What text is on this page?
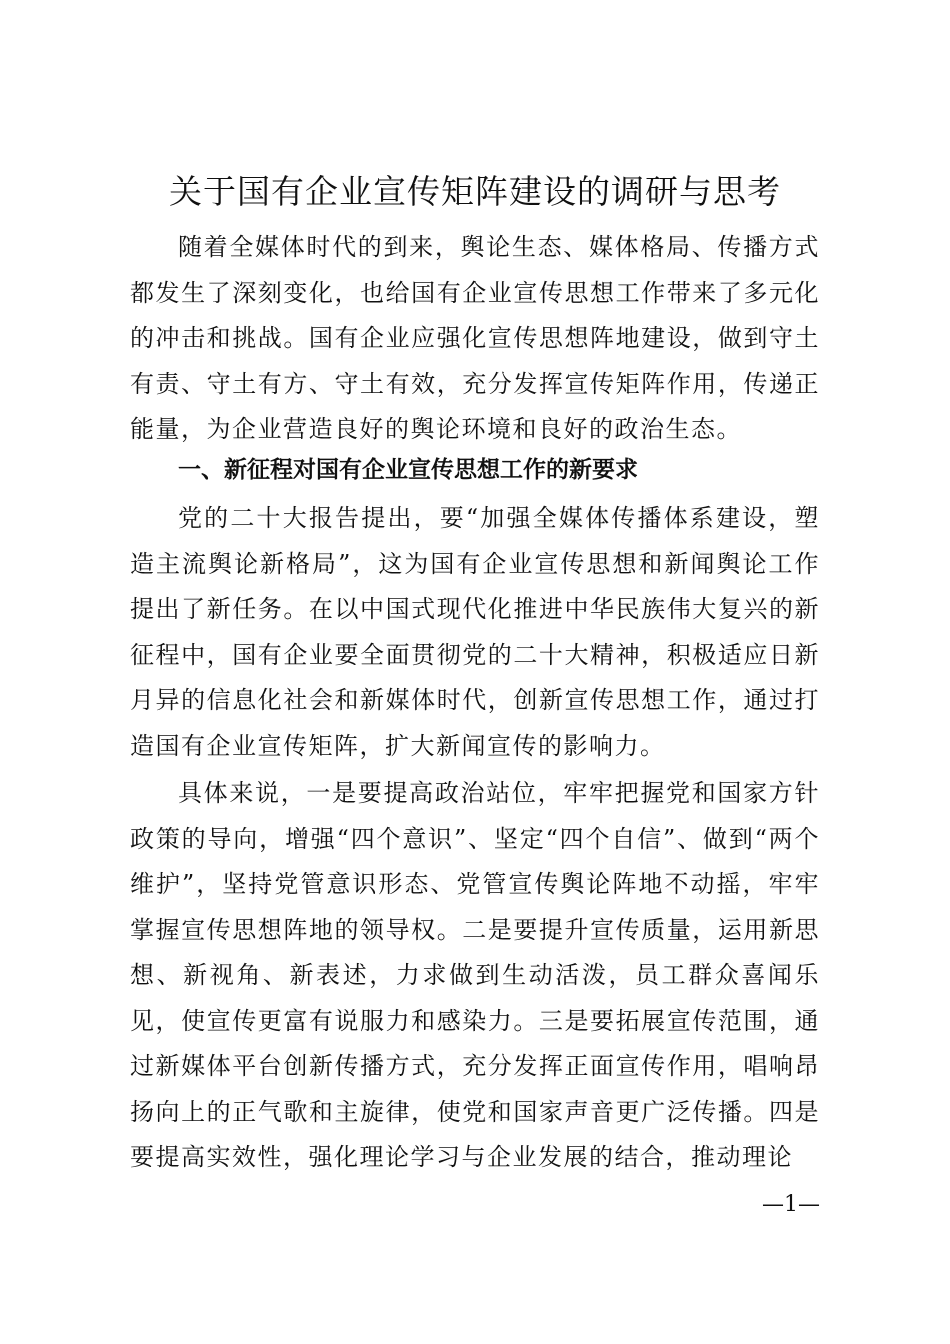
关于国有企业宣传矩阵建设的调研与思考

随着全媒体时代的到来，舆论生态、媒体格局、传播方式都发生了深刻变化，也给国有企业宣传思想工作带来了多元化的冲击和挑战。国有企业应强化宣传思想阵地建设，做到守土有责、守土有方、守土有效，充分发挥宣传矩阵作用，传递正能量，为企业营造良好的舆论环境和良好的政治生态。

一、新征程对国有企业宣传思想工作的新要求

党的二十大报告提出，要“加强全媒体传播体系建设，塑造主流舆论新格局”，这为国有企业宣传思想和新闻舆论工作提出了新任务。在以中国式现代化推进中华民族伟大复兴的新征程中，国有企业要全面贯彻党的二十大精神，积极适应日新月异的信息化社会和新媒体时代，创新宣传思想工作，通过打造国有企业宣传矩阵，扩大新闻宣传的影响力。

具体来说，一是要提高政治站位，牢牢把握党和国家方针政策的导向，增强“四个意识”、坚定“四个自信”、做到“两个维护”，坚持党管意识形态、党管宣传舆论阵地不动摇，牢牢掌握宣传思想阵地的领导权。二是要提升宣传质量，运用新思想、新视角、新表述，力求做到生动活泼，员工群众喜闻乐见，使宣传更富有说服力和感染力。三是要拓展宣传范围，通过新媒体平台创新传播方式，充分发挥正面宣传作用，唱响昂扬向上的正气歌和主旋律，使党和国家声音更广泛传播。四是要提高实效性，强化理论学习与企业发展的结合，推动理论

—1—
